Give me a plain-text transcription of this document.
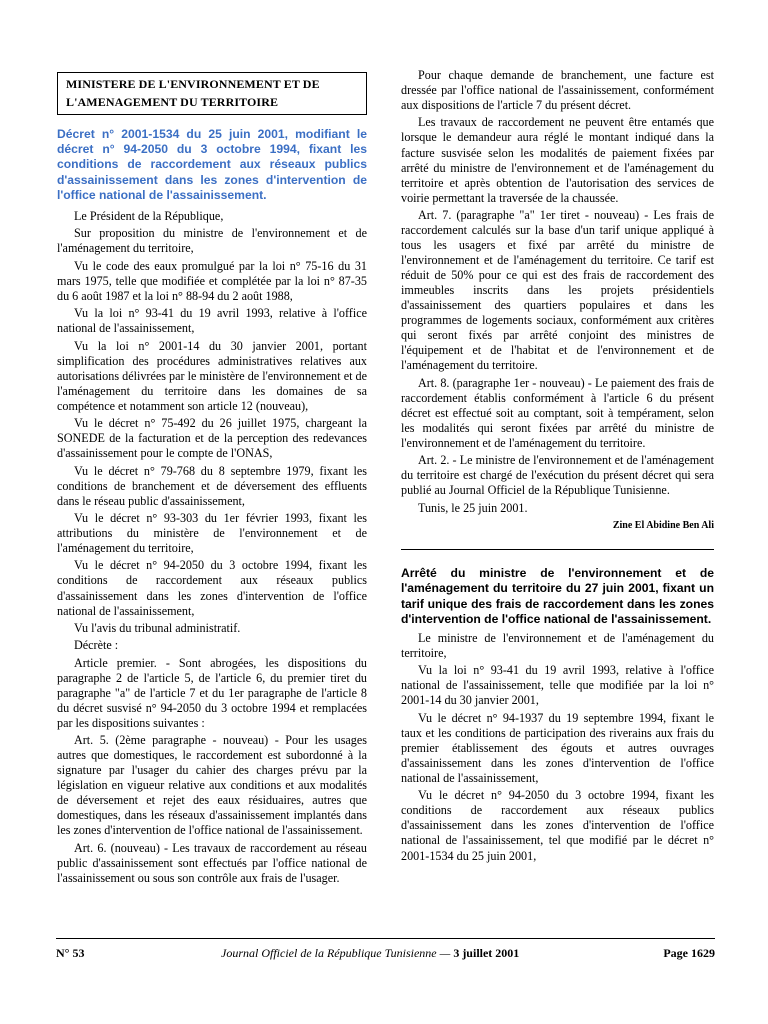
MINISTERE DE L'ENVIRONNEMENT ET DE
L'AMENAGEMENT DU TERRITOIRE
Décret n° 2001-1534 du 25 juin 2001, modifiant le décret n° 94-2050 du 3 octobre 1994, fixant les conditions de raccordement aux réseaux publics d'assainissement dans les zones d'intervention de l'office national de l'assainissement.

Le Président de la République,

Sur proposition du ministre de l'environnement et de l'aménagement du territoire,

Vu le code des eaux promulgué par la loi n° 75-16 du 31 mars 1975, telle que modifiée et complétée par la loi n° 87-35 du 6 août 1987 et la loi n° 88-94 du 2 août 1988,

Vu la loi n° 93-41 du 19 avril 1993, relative à l'office national de l'assainissement,

Vu la loi n° 2001-14 du 30 janvier 2001, portant simplification des procédures administratives relatives aux autorisations délivrées par le ministère de l'environnement et de l'aménagement du territoire dans les domaines de sa compétence et notamment son article 12 (nouveau),

Vu le décret n° 75-492 du 26 juillet 1975, chargeant la SONEDE de la facturation et de la perception des redevances d'assainissement pour le compte de l'ONAS,

Vu le décret n° 79-768 du 8 septembre 1979, fixant les conditions de branchement et de déversement des effluents dans le réseau public d'assainissement,

Vu le décret n° 93-303 du 1er février 1993, fixant les attributions du ministère de l'environnement et de l'aménagement du territoire,

Vu le décret n° 94-2050 du 3 octobre 1994, fixant les conditions de raccordement aux réseaux publics d'assainissement dans les zones d'intervention de l'office national de l'assainissement,

Vu l'avis du tribunal administratif.

Décrète :

Article premier. - Sont abrogées, les dispositions du paragraphe 2 de l'article 5, de l'article 6, du premier tiret du paragraphe "a" de l'article 7 et du 1er paragraphe de l'article 8 du décret susvisé n° 94-2050 du 3 octobre 1994 et remplacées par les dispositions suivantes :

Art. 5. (2ème paragraphe - nouveau) - Pour les usages autres que domestiques, le raccordement est subordonné à la signature par l'usager du cahier des charges prévu par la législation en vigueur relative aux conditions et aux modalités de déversement et rejet des eaux résiduaires, autres que domestiques, dans les réseaux d'assainissement implantés dans les zones d'intervention de l'office national de l'assainissement.

Art. 6. (nouveau) - Les travaux de raccordement au réseau public d'assainissement sont effectués par l'office national de l'assainissement ou sous son contrôle aux frais de l'usager.

Pour chaque demande de branchement, une facture est dressée par l'office national de l'assainissement, conformément aux dispositions de l'article 7 du présent décret.

Les travaux de raccordement ne peuvent être entamés que lorsque le demandeur aura réglé le montant indiqué dans la facture susvisée selon les modalités de paiement fixées par arrêté du ministre de l'environnement et de l'aménagement du territoire et après obtention de l'autorisation des services de voirie permettant la traversée de la chaussée.

Art. 7. (paragraphe "a" 1er tiret - nouveau) - Les frais de raccordement calculés sur la base d'un tarif unique appliqué à tous les usagers et fixé par arrêté du ministre de l'environnement et de l'aménagement du territoire. Ce tarif est réduit de 50% pour ce qui est des frais de raccordement des immeubles inscrits dans les projets présidentiels d'assainissement des quartiers populaires et dans les programmes de logements sociaux, conformément aux critères qui seront fixés par arrêté conjoint des ministres de l'équipement et de l'habitat et de l'environnement et de l'aménagement du territoire.

Art. 8. (paragraphe 1er - nouveau) - Le paiement des frais de raccordement établis conformément à l'article 6 du présent décret est effectué soit au comptant, soit à tempérament, selon les modalités qui seront fixées par arrêté du ministre de l'environnement et de l'aménagement du territoire.

Art. 2. - Le ministre de l'environnement et de l'aménagement du territoire est chargé de l'exécution du présent décret qui sera publié au Journal Officiel de la République Tunisienne.

Tunis, le 25 juin 2001.

Zine El Abidine Ben Ali
Arrêté du ministre de l'environnement et de l'aménagement du territoire du 27 juin 2001, fixant un tarif unique des frais de raccordement dans les zones d'intervention de l'office national de l'assainissement.

Le ministre de l'environnement et de l'aménagement du territoire,

Vu la loi n° 93-41 du 19 avril 1993, relative à l'office national de l'assainissement, telle que modifiée par la loi n° 2001-14 du 30 janvier 2001,

Vu le décret n° 94-1937 du 19 septembre 1994, fixant le taux et les conditions de participation des riverains aux frais du premier établissement des égouts et autres ouvrages d'assainissement dans les zones d'intervention de l'office national de l'assainissement,

Vu le décret n° 94-2050 du 3 octobre 1994, fixant les conditions de raccordement aux réseaux publics d'assainissement dans les zones d'intervention de l'office national de l'assainissement, tel que modifié par le décret n° 2001-1534 du 25 juin 2001,

N° 53	Journal Officiel de la République Tunisienne — 3 juillet 2001	Page 1629
